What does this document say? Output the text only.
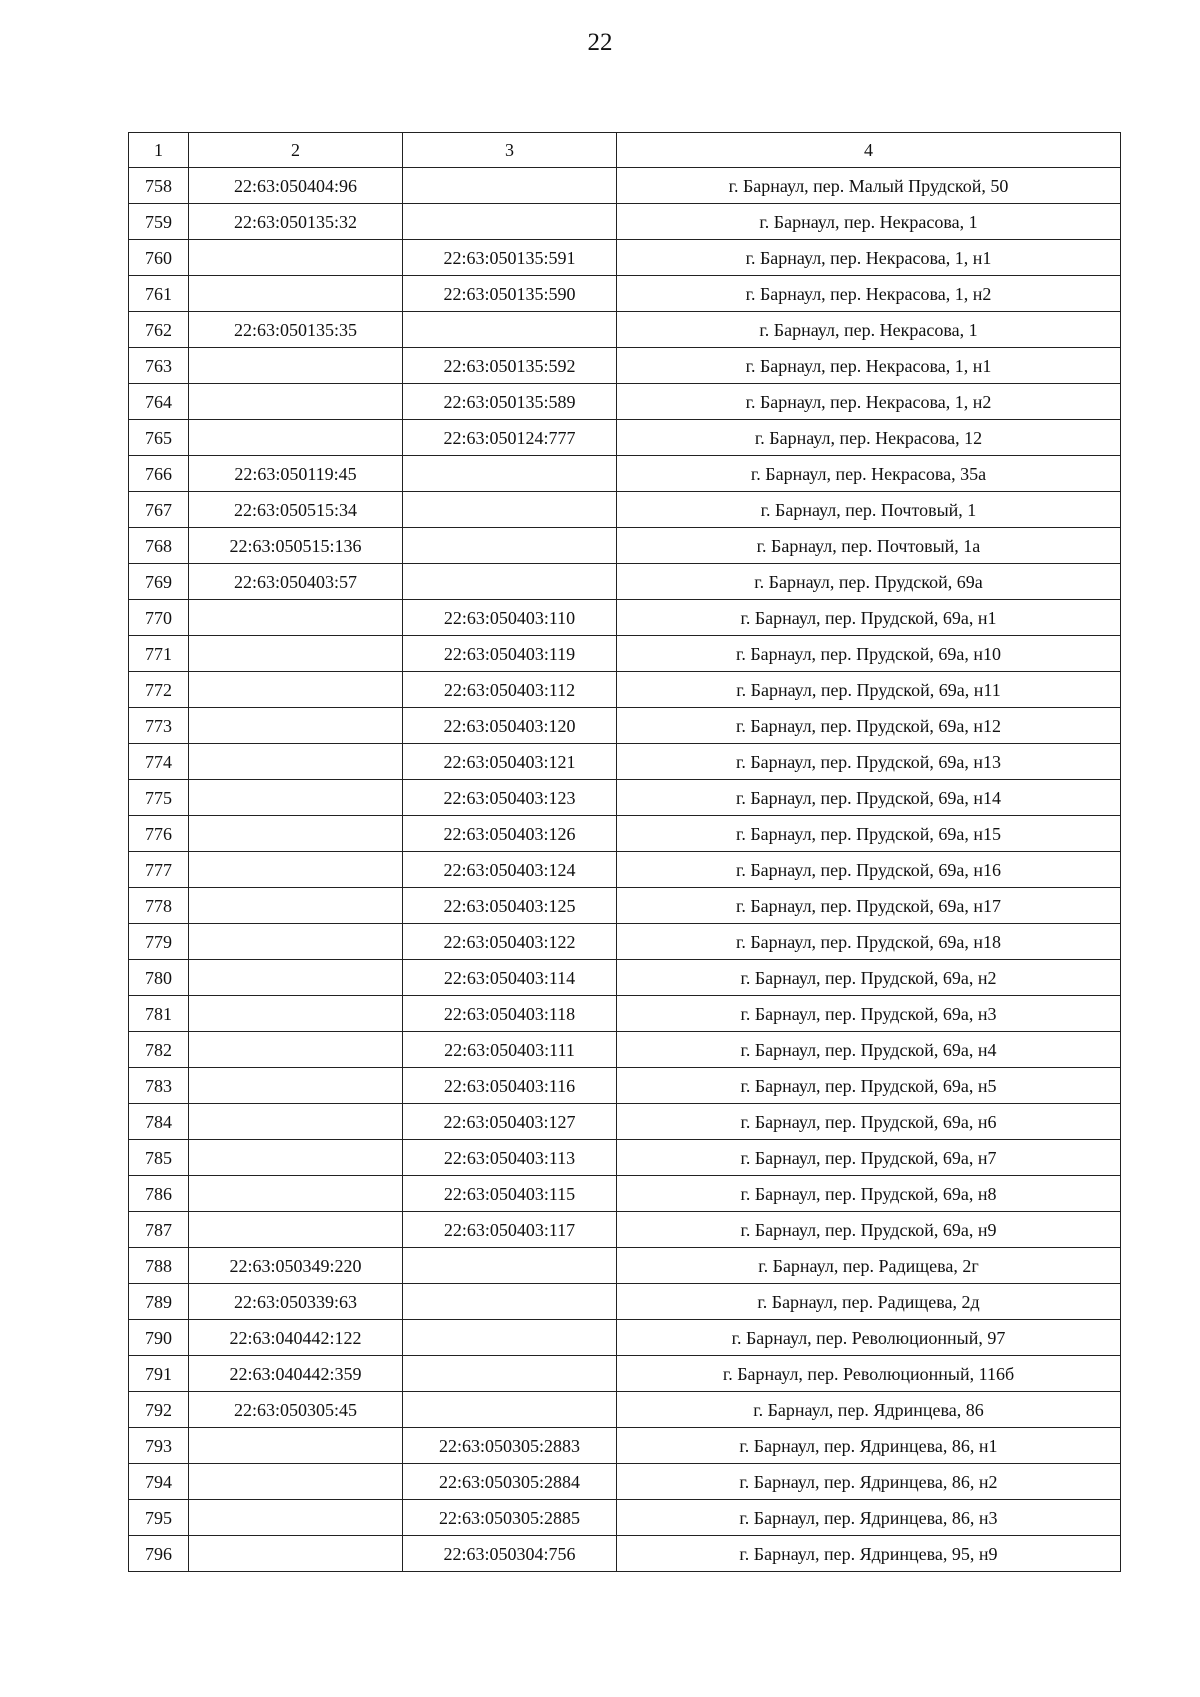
22
1	2	3	4
758	22:63:050404:96		г. Барнаул, пер. Малый Прудской, 50
759	22:63:050135:32		г. Барнаул, пер. Некрасова, 1
760		22:63:050135:591	г. Барнаул, пер. Некрасова, 1, н1
761		22:63:050135:590	г. Барнаул, пер. Некрасова, 1, н2
762	22:63:050135:35		г. Барнаул, пер. Некрасова, 1
763		22:63:050135:592	г. Барнаул, пер. Некрасова, 1, н1
764		22:63:050135:589	г. Барнаул, пер. Некрасова, 1, н2
765		22:63:050124:777	г. Барнаул, пер. Некрасова, 12
766	22:63:050119:45		г. Барнаул, пер. Некрасова, 35а
767	22:63:050515:34		г. Барнаул, пер. Почтовый, 1
768	22:63:050515:136		г. Барнаул, пер. Почтовый, 1а
769	22:63:050403:57		г. Барнаул, пер. Прудской, 69а
770		22:63:050403:110	г. Барнаул, пер. Прудской, 69а, н1
771		22:63:050403:119	г. Барнаул, пер. Прудской, 69а, н10
772		22:63:050403:112	г. Барнаул, пер. Прудской, 69а, н11
773		22:63:050403:120	г. Барнаул, пер. Прудской, 69а, н12
774		22:63:050403:121	г. Барнаул, пер. Прудской, 69а, н13
775		22:63:050403:123	г. Барнаул, пер. Прудской, 69а, н14
776		22:63:050403:126	г. Барнаул, пер. Прудской, 69а, н15
777		22:63:050403:124	г. Барнаул, пер. Прудской, 69а, н16
778		22:63:050403:125	г. Барнаул, пер. Прудской, 69а, н17
779		22:63:050403:122	г. Барнаул, пер. Прудской, 69а, н18
780		22:63:050403:114	г. Барнаул, пер. Прудской, 69а, н2
781		22:63:050403:118	г. Барнаул, пер. Прудской, 69а, н3
782		22:63:050403:111	г. Барнаул, пер. Прудской, 69а, н4
783		22:63:050403:116	г. Барнаул, пер. Прудской, 69а, н5
784		22:63:050403:127	г. Барнаул, пер. Прудской, 69а, н6
785		22:63:050403:113	г. Барнаул, пер. Прудской, 69а, н7
786		22:63:050403:115	г. Барнаул, пер. Прудской, 69а, н8
787		22:63:050403:117	г. Барнаул, пер. Прудской, 69а, н9
788	22:63:050349:220		г. Барнаул, пер. Радищева, 2г
789	22:63:050339:63		г. Барнаул, пер. Радищева, 2д
790	22:63:040442:122		г. Барнаул, пер. Революционный, 97
791	22:63:040442:359		г. Барнаул, пер. Революционный, 116б
792	22:63:050305:45		г. Барнаул, пер. Ядринцева, 86
793		22:63:050305:2883	г. Барнаул, пер. Ядринцева, 86, н1
794		22:63:050305:2884	г. Барнаул, пер. Ядринцева, 86, н2
795		22:63:050305:2885	г. Барнаул, пер. Ядринцева, 86, н3
796		22:63:050304:756	г. Барнаул, пер. Ядринцева, 95, н9
